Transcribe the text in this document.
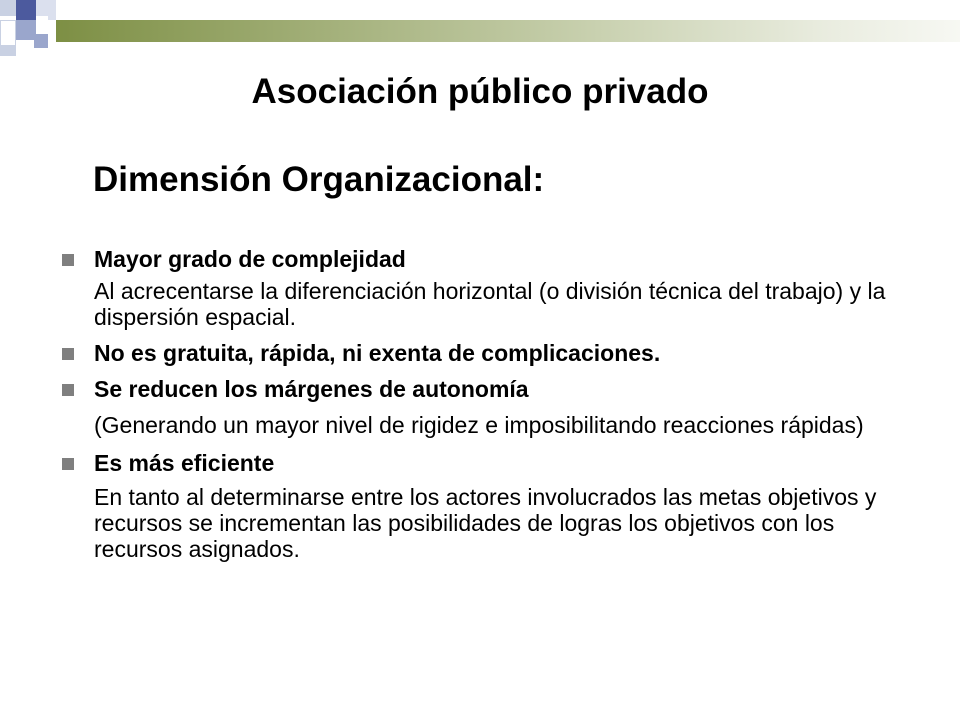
Asociación público privado
Dimensión Organizacional:
Mayor grado de complejidad
Al acrecentarse la diferenciación horizontal (o división técnica del trabajo) y la dispersión espacial.
No es gratuita, rápida, ni exenta de complicaciones.
Se reducen los márgenes de autonomía
(Generando un mayor nivel de rigidez e imposibilitando reacciones rápidas)
Es más eficiente
En tanto al determinarse entre los actores involucrados las metas objetivos y recursos se incrementan las posibilidades de logras los objetivos con los recursos asignados.
